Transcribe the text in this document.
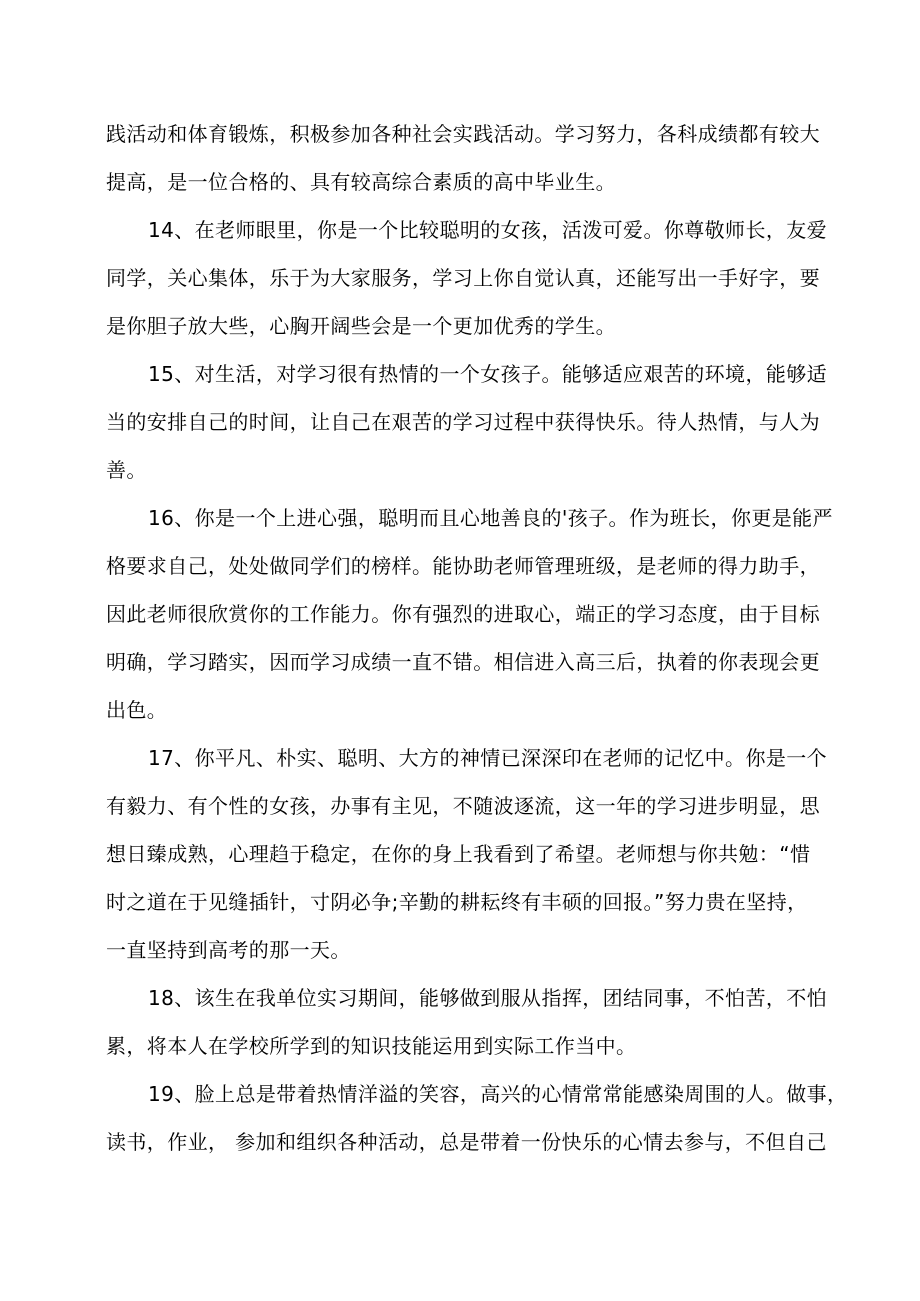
践活动和体育锻炼，积极参加各种社会实践活动。学习努力，各科成绩都有较大
提高，是一位合格的、具有较高综合素质的高中毕业生。
14、在老师眼里，你是一个比较聪明的女孩，活泼可爱。你尊敬师长，友爱
同学，关心集体，乐于为大家服务，学习上你自觉认真，还能写出一手好字，要
是你胆子放大些，心胸开阔些会是一个更加优秀的学生。
15、对生活，对学习很有热情的一个女孩子。能够适应艰苦的环境，能够适
当的安排自己的时间，让自己在艰苦的学习过程中获得快乐。待人热情，与人为
善。
16、你是一个上进心强，聪明而且心地善良的'孩子。作为班长，你更是能严
格要求自己，处处做同学们的榜样。能协助老师管理班级，是老师的得力助手，
因此老师很欣赏你的工作能力。你有强烈的进取心，端正的学习态度，由于目标
明确，学习踏实，因而学习成绩一直不错。相信进入高三后，执着的你表现会更
出色。
17、你平凡、朴实、聪明、大方的神情已深深印在老师的记忆中。你是一个
有毅力、有个性的女孩，办事有主见，不随波逐流，这一年的学习进步明显，思
想日臻成熟，心理趋于稳定，在你的身上我看到了希望。老师想与你共勉：“惜
时之道在于见缝插针，寸阴必争;辛勤的耕耘终有丰硕的回报。”努力贵在坚持，
一直坚持到高考的那一天。
18、该生在我单位实习期间，能够做到服从指挥，团结同事，不怕苦，不怕
累，将本人在学校所学到的知识技能运用到实际工作当中。
19、脸上总是带着热情洋溢的笑容，高兴的心情常常能感染周围的人。做事，
读书，作业， 参加和组织各种活动，总是带着一份快乐的心情去参与，不但自己
